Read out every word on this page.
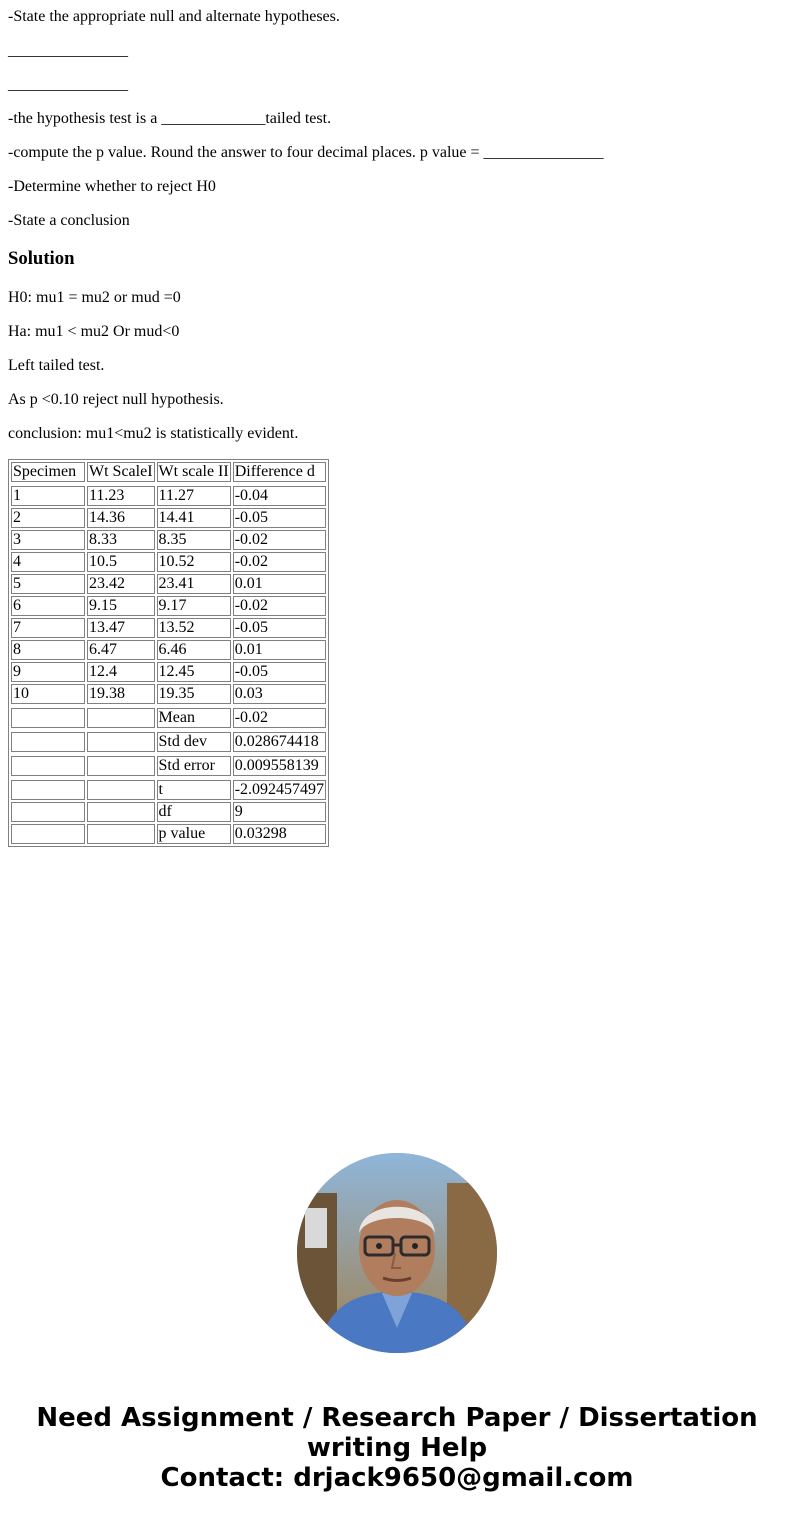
-State the appropriate null and alternate hypotheses.

_______________

_______________

-the hypothesis test is a _____________tailed test.

-compute the p value. Round the answer to four decimal places. p value = _______________

-Determine whether to reject H0

-State a conclusion

Solution

H0: mu1 = mu2 or mud =0

Ha: mu1 < mu2 Or mud<0

Left tailed test.

As p <0.10 reject null hypothesis.

conclusion: mu1<mu2 is statistically evident.

Specimen	Wt ScaleI	Wt scale II	Difference d

1	11.23	11.27	-0.04
2	14.36	14.41	-0.05
3	8.33	8.35	-0.02
4	10.5	10.52	-0.02
5	23.42	23.41	0.01
6	9.15	9.17	-0.02
7	13.47	13.52	-0.05
8	6.47	6.46	0.01
9	12.4	12.45	-0.05
10	19.38	19.35	0.03

		Mean	-0.02

		Std dev	0.028674418

		Std error	0.009558139

		t	-2.092457497
		df	9
		p value	0.03298
Need Assignment / Research Paper / Dissertation
writing Help
Contact: drjack9650@gmail.com
